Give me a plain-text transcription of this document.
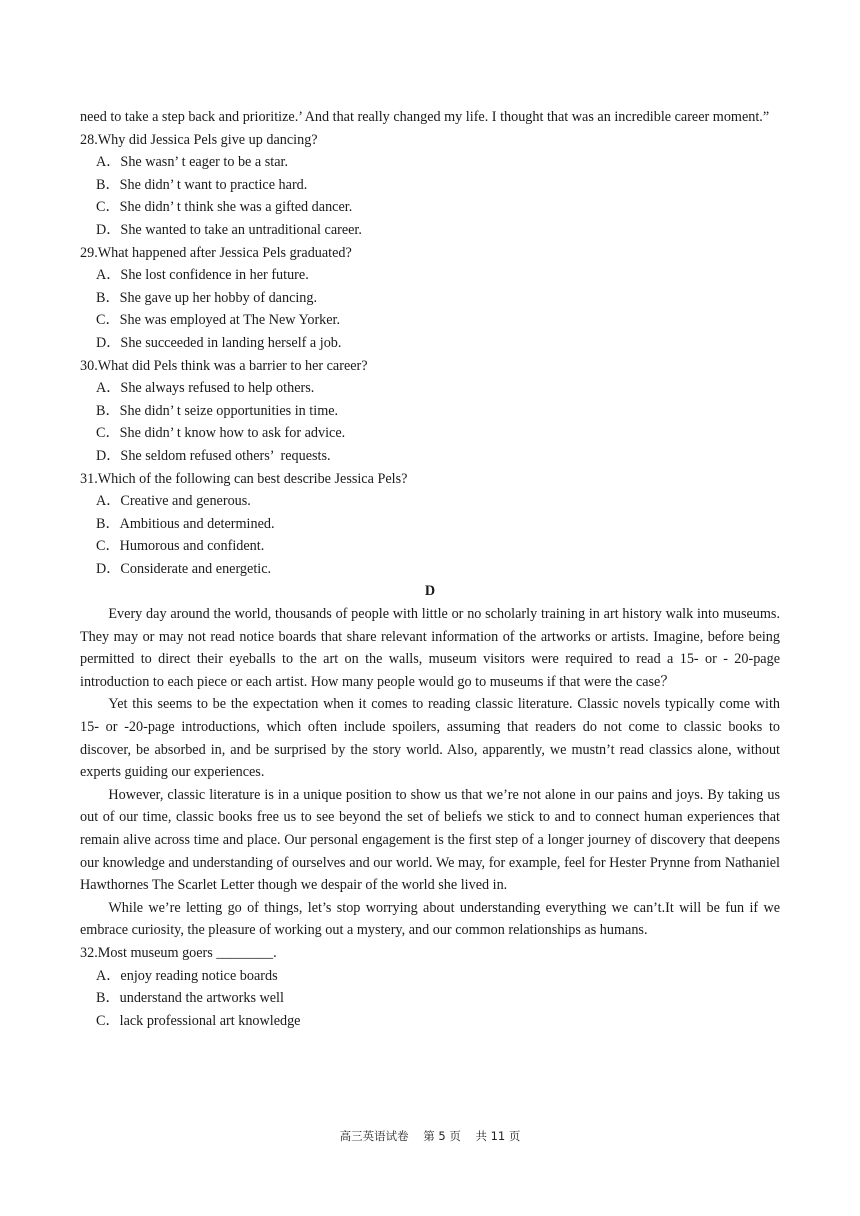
need to take a step back and prioritize.’ And that really changed my life. I thought that was an incredible career moment.”

28.Why did Jessica Pels give up dancing?

A．She wasn’ t eager to be a star.

B．She didn’ t want to practice hard.

C．She didn’ t think she was a gifted dancer.

D．She wanted to take an untraditional career.

29.What happened after Jessica Pels graduated?

A．She lost confidence in her future.

B．She gave up her hobby of dancing.

C．She was employed at The New Yorker.

D．She succeeded in landing herself a job.

30.What did Pels think was a barrier to her career?

A．She always refused to help others.

B．She didn’ t seize opportunities in time.

C．She didn’ t know how to ask for advice.

D．She seldom refused others’  requests.

31.Which of the following can best describe Jessica Pels?

A．Creative and generous.

B．Ambitious and determined.

C．Humorous and confident.

D．Considerate and energetic.

D

Every day around the world, thousands of people with little or no scholarly training in art history walk into museums. They may or may not read notice boards that share relevant information of the artworks or artists. Imagine, before being permitted to direct their eyeballs to the art on the walls, museum visitors were required to read a 15- or - 20-page introduction to each piece or each artist. How many people would go to museums if that were the case？

Yet this seems to be the expectation when it comes to reading classic literature. Classic novels typically come with 15- or -20-page introductions, which often include spoilers, assuming that readers do not come to classic books to discover, be absorbed in, and be surprised by the story world. Also, apparently, we mustn’t read classics alone, without experts guiding our experiences.

However, classic literature is in a unique position to show us that we’re not alone in our pains and joys. By taking us out of our time, classic books free us to see beyond the set of beliefs we stick to and to connect human experiences that remain alive across time and place. Our personal engagement is the first step of a longer journey of discovery that deepens our knowledge and understanding of ourselves and our world. We may, for example, feel for Hester Prynne from Nathaniel Hawthornes The Scarlet Letter though we despair of the world she lived in.

While we’re letting go of things, let’s stop worrying about understanding everything we can’t.It will be fun if we embrace curiosity, the pleasure of working out a mystery, and our common relationships as humans.

32.Most museum goers ________.

A．enjoy reading notice boards

B．understand the artworks well

C．lack professional art knowledge

高三英语试卷    第 5 页    共 11 页
